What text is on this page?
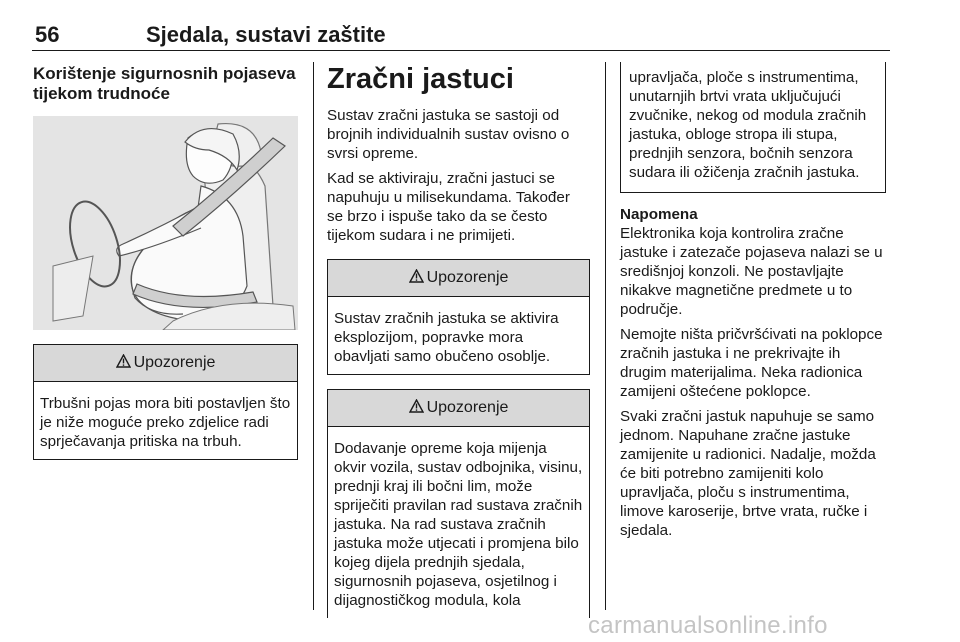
56	Sjedala, sustavi zaštite
Korištenje sigurnosnih pojaseva
tijekom trudnoće
Upozorenje
Trbušni pojas mora biti postavljen što je niže moguće preko zdjelice radi sprječavanja pritiska na trbuh.
Zračni jastuci

Sustav zračni jastuka se sastoji od brojnih individualnih sustav ovisno o svrsi opreme.

Kad se aktiviraju, zračni jastuci se napuhuju u milisekundama. Također se brzo i ispuše tako da se često tijekom sudara i ne primijeti.

Upozorenje
Sustav zračnih jastuka se aktivira eksplozijom, popravke mora obavljati samo obučeno osoblje.
Upozorenje
Dodavanje opreme koja mijenja okvir vozila, sustav odbojnika, visinu, prednji kraj ili bočni lim, može spriječiti pravilan rad sustava zračnih jastuka. Na rad sustava zračnih jastuka može utjecati i promjena bilo kojeg dijela prednjih sjedala, sigurnosnih pojaseva, osjetilnog i dijagnostičkog modula, kola
upravljača, ploče s instrumentima, unutarnjih brtvi vrata uključujući zvučnike, nekog od modula zračnih jastuka, obloge stropa ili stupa, prednjih senzora, bočnih senzora sudara ili ožičenja zračnih jastuka.
Napomena

Elektronika koja kontrolira zračne jastuke i zatezače pojaseva nalazi se u središnjoj konzoli. Ne postavljajte nikakve magnetične predmete u to područje.

Nemojte ništa pričvršćivati na poklopce zračnih jastuka i ne prekrivajte ih drugim materijalima. Neka radionica zamijeni oštećene poklopce.

Svaki zračni jastuk napuhuje se samo jednom. Napuhane zračne jastuke zamijenite u radionici. Nadalje, možda će biti potrebno zamijeniti kolo upravljača, ploču s instrumentima, limove karoserije, brtve vrata, ručke i sjedala.

carmanualsonline.info
